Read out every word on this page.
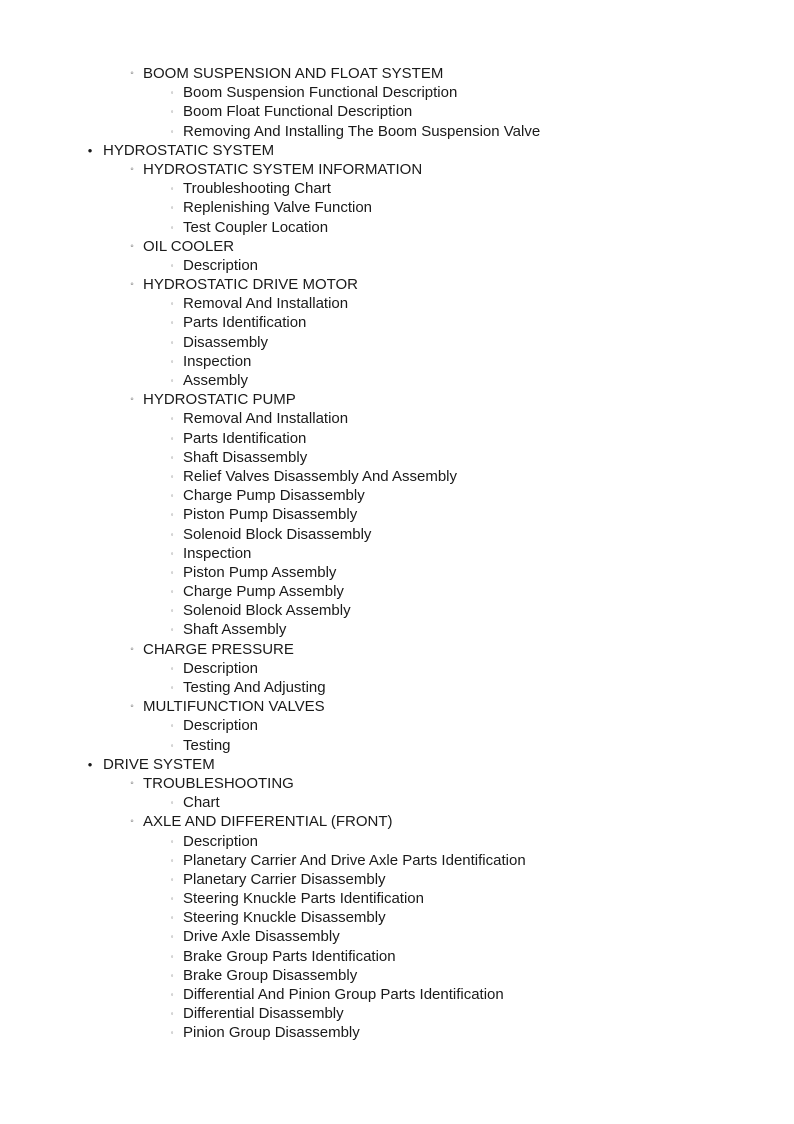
◦ BOOM SUSPENSION AND FLOAT SYSTEM
◦ Boom Suspension Functional Description
◦ Boom Float Functional Description
◦ Removing And Installing The Boom Suspension Valve
• HYDROSTATIC SYSTEM
◦ HYDROSTATIC SYSTEM INFORMATION
◦ Troubleshooting Chart
◦ Replenishing Valve Function
◦ Test Coupler Location
◦ OIL COOLER
◦ Description
◦ HYDROSTATIC DRIVE MOTOR
◦ Removal And Installation
◦ Parts Identification
◦ Disassembly
◦ Inspection
◦ Assembly
◦ HYDROSTATIC PUMP
◦ Removal And Installation
◦ Parts Identification
◦ Shaft Disassembly
◦ Relief Valves Disassembly And Assembly
◦ Charge Pump Disassembly
◦ Piston Pump Disassembly
◦ Solenoid Block Disassembly
◦ Inspection
◦ Piston Pump Assembly
◦ Charge Pump Assembly
◦ Solenoid Block Assembly
◦ Shaft Assembly
◦ CHARGE PRESSURE
◦ Description
◦ Testing And Adjusting
◦ MULTIFUNCTION VALVES
◦ Description
◦ Testing
• DRIVE SYSTEM
◦ TROUBLESHOOTING
◦ Chart
◦ AXLE AND DIFFERENTIAL (FRONT)
◦ Description
◦ Planetary Carrier And Drive Axle Parts Identification
◦ Planetary Carrier Disassembly
◦ Steering Knuckle Parts Identification
◦ Steering Knuckle Disassembly
◦ Drive Axle Disassembly
◦ Brake Group Parts Identification
◦ Brake Group Disassembly
◦ Differential And Pinion Group Parts Identification
◦ Differential Disassembly
◦ Pinion Group Disassembly
